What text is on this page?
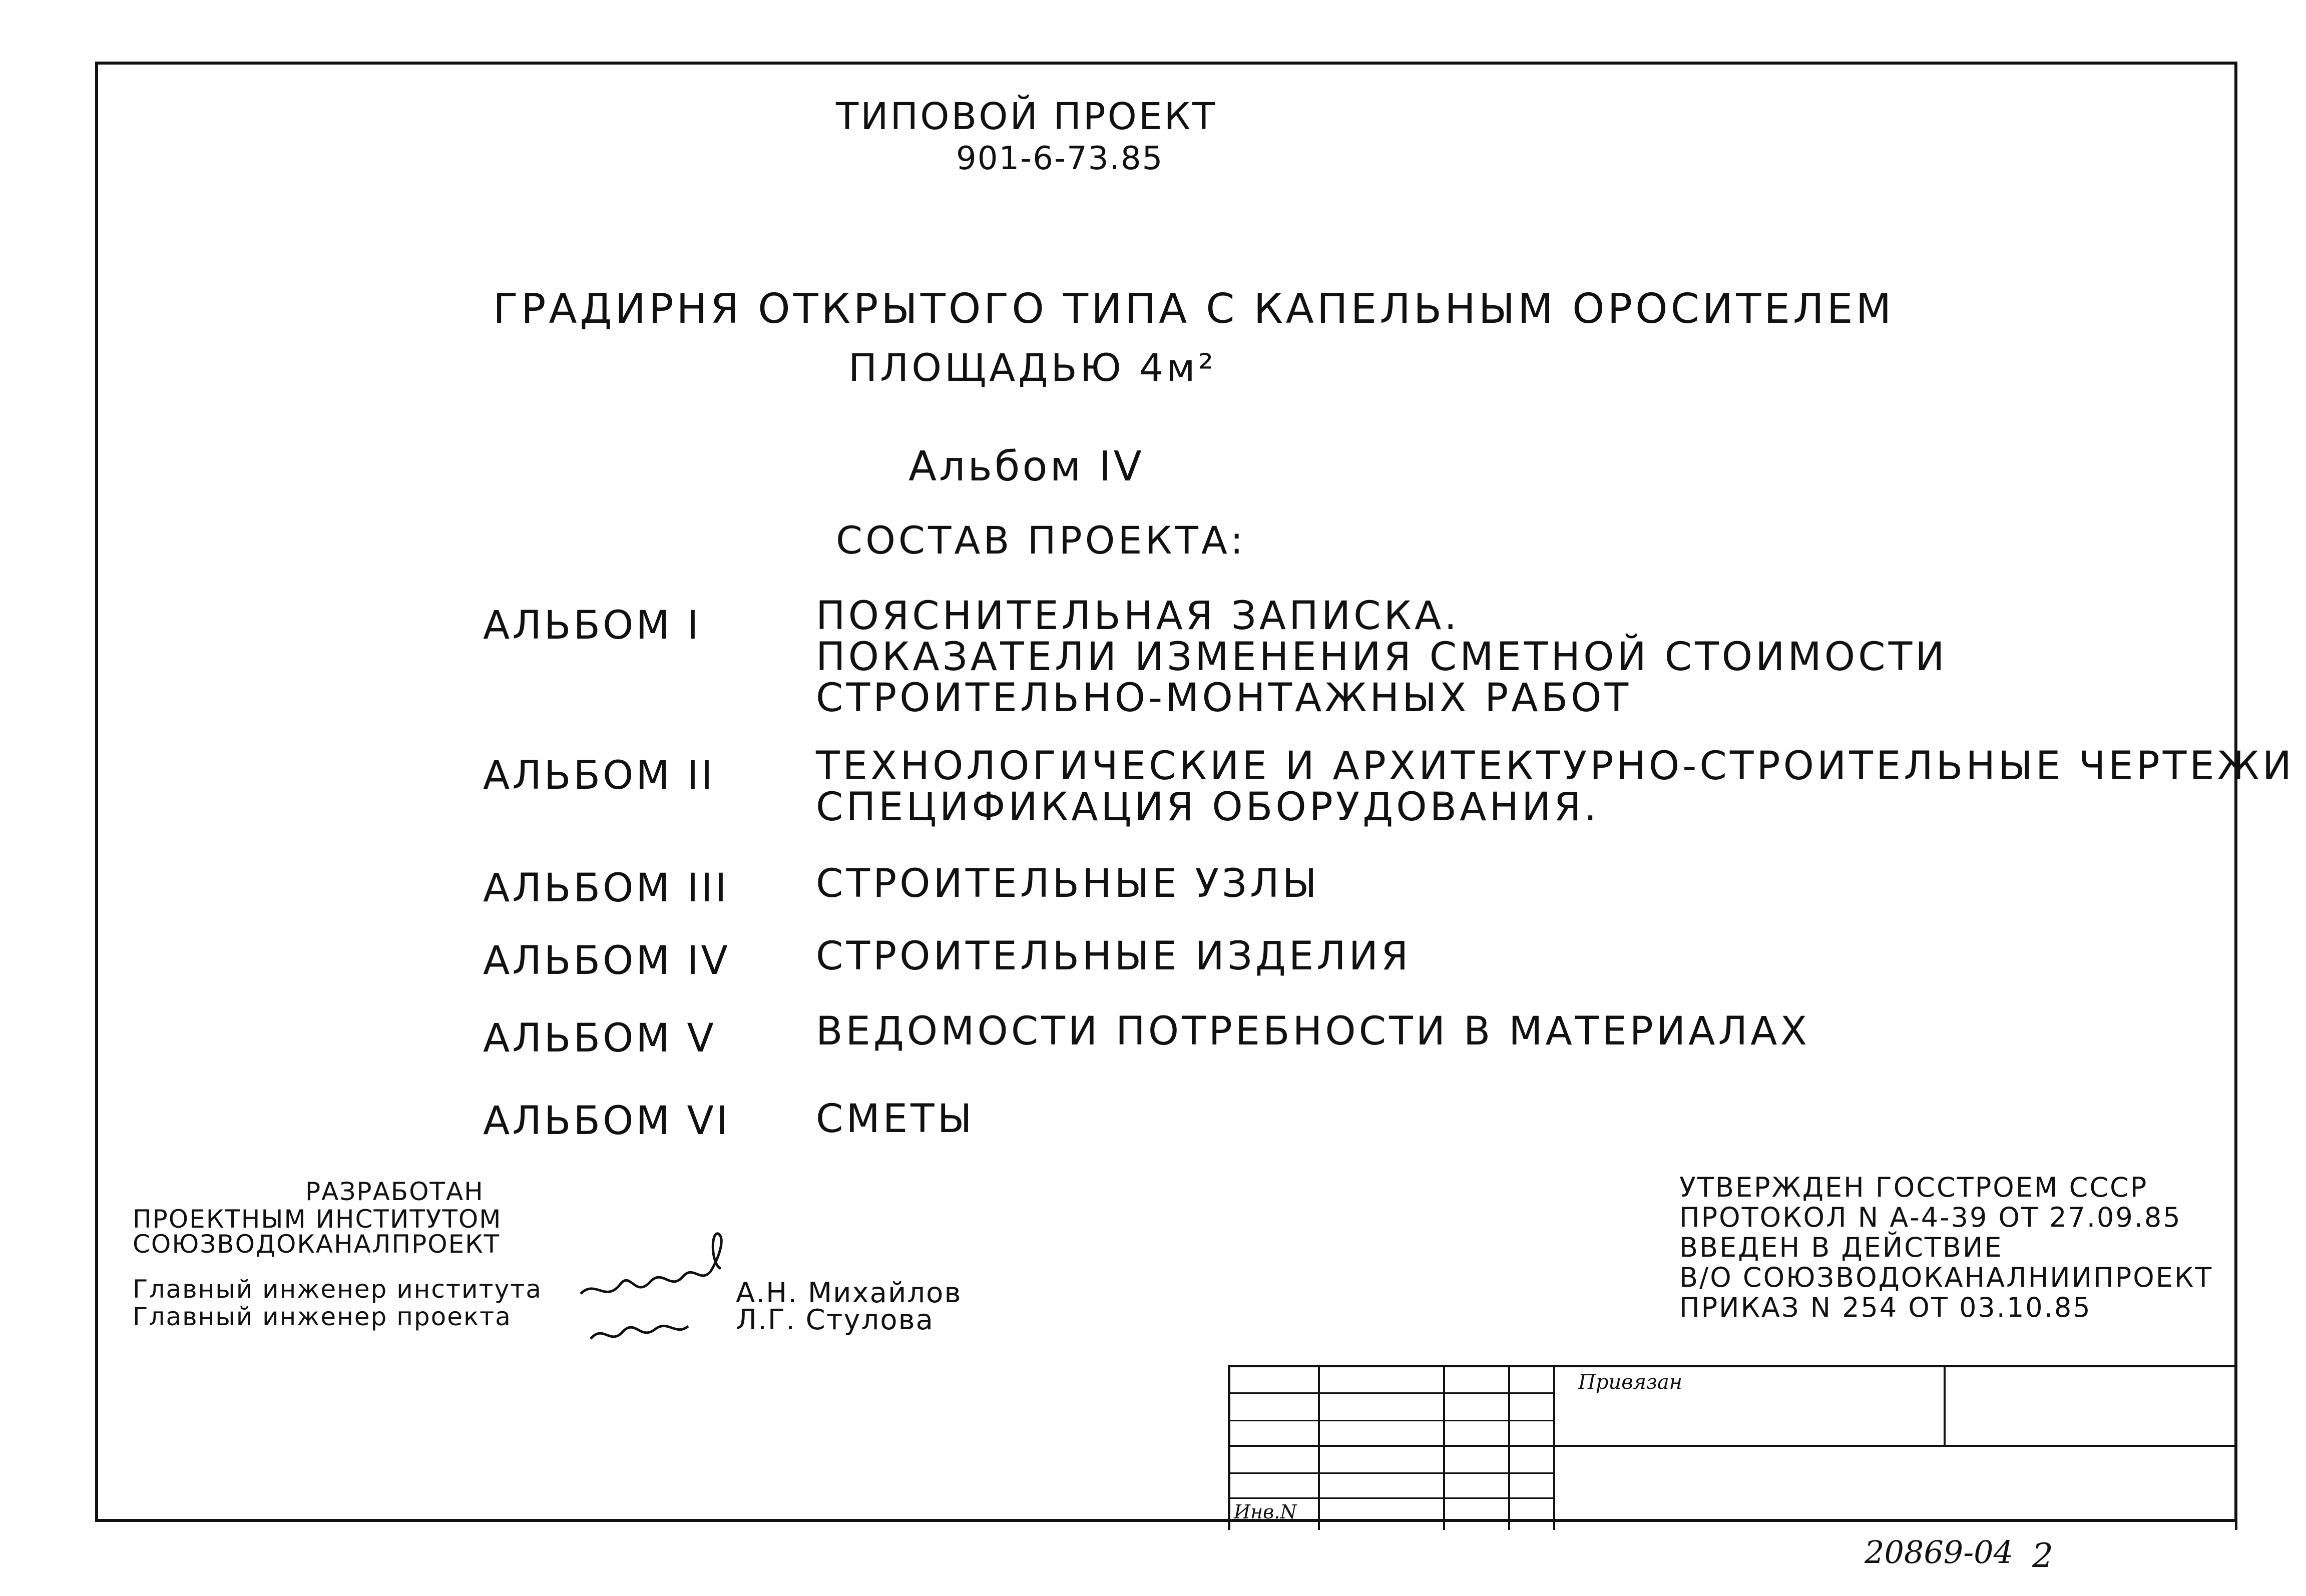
ТИПОВОЙ ПРОЕКТ
901-6-73.85
ГРАДИРНЯ ОТКРЫТОГО ТИПА С КАПЕЛЬНЫМ ОРОСИТЕЛЕМ
ПЛОЩАДЬЮ 4м²
Альбом IV
СОСТАВ ПРОЕКТА:
АЛЬБОМ I	ПОЯСНИТЕЛЬНАЯ ЗАПИСКА.
ПОКАЗАТЕЛИ ИЗМЕНЕНИЯ СМЕТНОЙ СТОИМОСТИ
СТРОИТЕЛЬНО-МОНТАЖНЫХ РАБОТ
АЛЬБОМ II	ТЕХНОЛОГИЧЕСКИЕ И АРХИТЕКТУРНО-СТРОИТЕЛЬНЫЕ ЧЕРТЕЖИ
СПЕЦИФИКАЦИЯ ОБОРУДОВАНИЯ.
АЛЬБОМ III СТРОИТЕЛЬНЫЕ УЗЛЫ
АЛЬБОМ IV СТРОИТЕЛЬНЫЕ ИЗДЕЛИЯ
АЛЬБОМ V	ВЕДОМОСТИ ПОТРЕБНОСТИ В МАТЕРИАЛАХ
АЛЬБОМ VI СМЕТЫ
РАЗРАБОТАН
ПРОЕКТНЫМ ИНСТИТУТОМ
СОЮЗВОДОКАНАЛПРОЕКТ
Главный инженер института
Главный инженер проекта
А.Н. Михайлов
Л.Г. Стулова
УТВЕРЖДЕН ГОССТРОЕМ СССР
ПРОТОКОЛ N А-4-39 ОТ 27.09.85
ВВЕДЕН В ДЕЙСТВИЕ
В/О СОЮЗВОДОКАНАЛНИИПРОЕКТ
ПРИКАЗ N 254 ОТ 03.10.85
Привязан
Инв.N
20869-04 2
